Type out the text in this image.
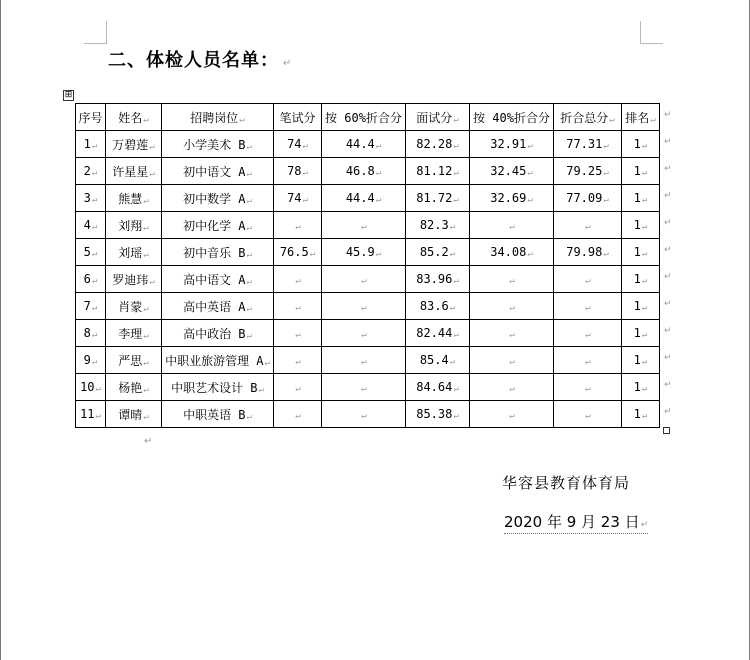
二、体检人员名单： ↵
⊞
序号	姓名↵	招聘岗位↵	笔试分	按 60%折合分	面试分↵	按 40%折合分	折合总分↵	排名↵
1↵	万碧莲↵	小学美术 B↵	74↵	44.4↵	82.28↵	32.91↵	77.31↵	1↵
2↵	许星星↵	初中语文 A↵	78↵	46.8↵	81.12↵	32.45↵	79.25↵	1↵
3↵	熊慧↵	初中数学 A↵	74↵	44.4↵	81.72↵	32.69↵	77.09↵	1↵
4↵	刘翔↵	初中化学 A↵	↵	↵	82.3↵	↵	↵	1↵
5↵	刘瑶↵	初中音乐 B↵	76.5↵	45.9↵	85.2↵	34.08↵	79.98↵	1↵
6↵	罗迪玮↵	高中语文 A↵	↵	↵	83.96↵	↵	↵	1↵
7↵	肖蒙↵	高中英语 A↵	↵	↵	83.6↵	↵	↵	1↵
8↵	李理↵	高中政治 B↵	↵	↵	82.44↵	↵	↵	1↵
9↵	严思↵	中职业旅游管理 A↵	↵	↵	85.4↵	↵	↵	1↵
10↵	杨艳↵	中职艺术设计 B↵	↵	↵	84.64↵	↵	↵	1↵
11↵	谭晴↵	中职英语 B↵	↵	↵	85.38↵	↵	↵	1↵
↵
↵
↵
↵
↵
↵
↵
↵
↵
↵
↵
↵
↵
华容县教育体育局
2020 年 9 月 23 日↵
